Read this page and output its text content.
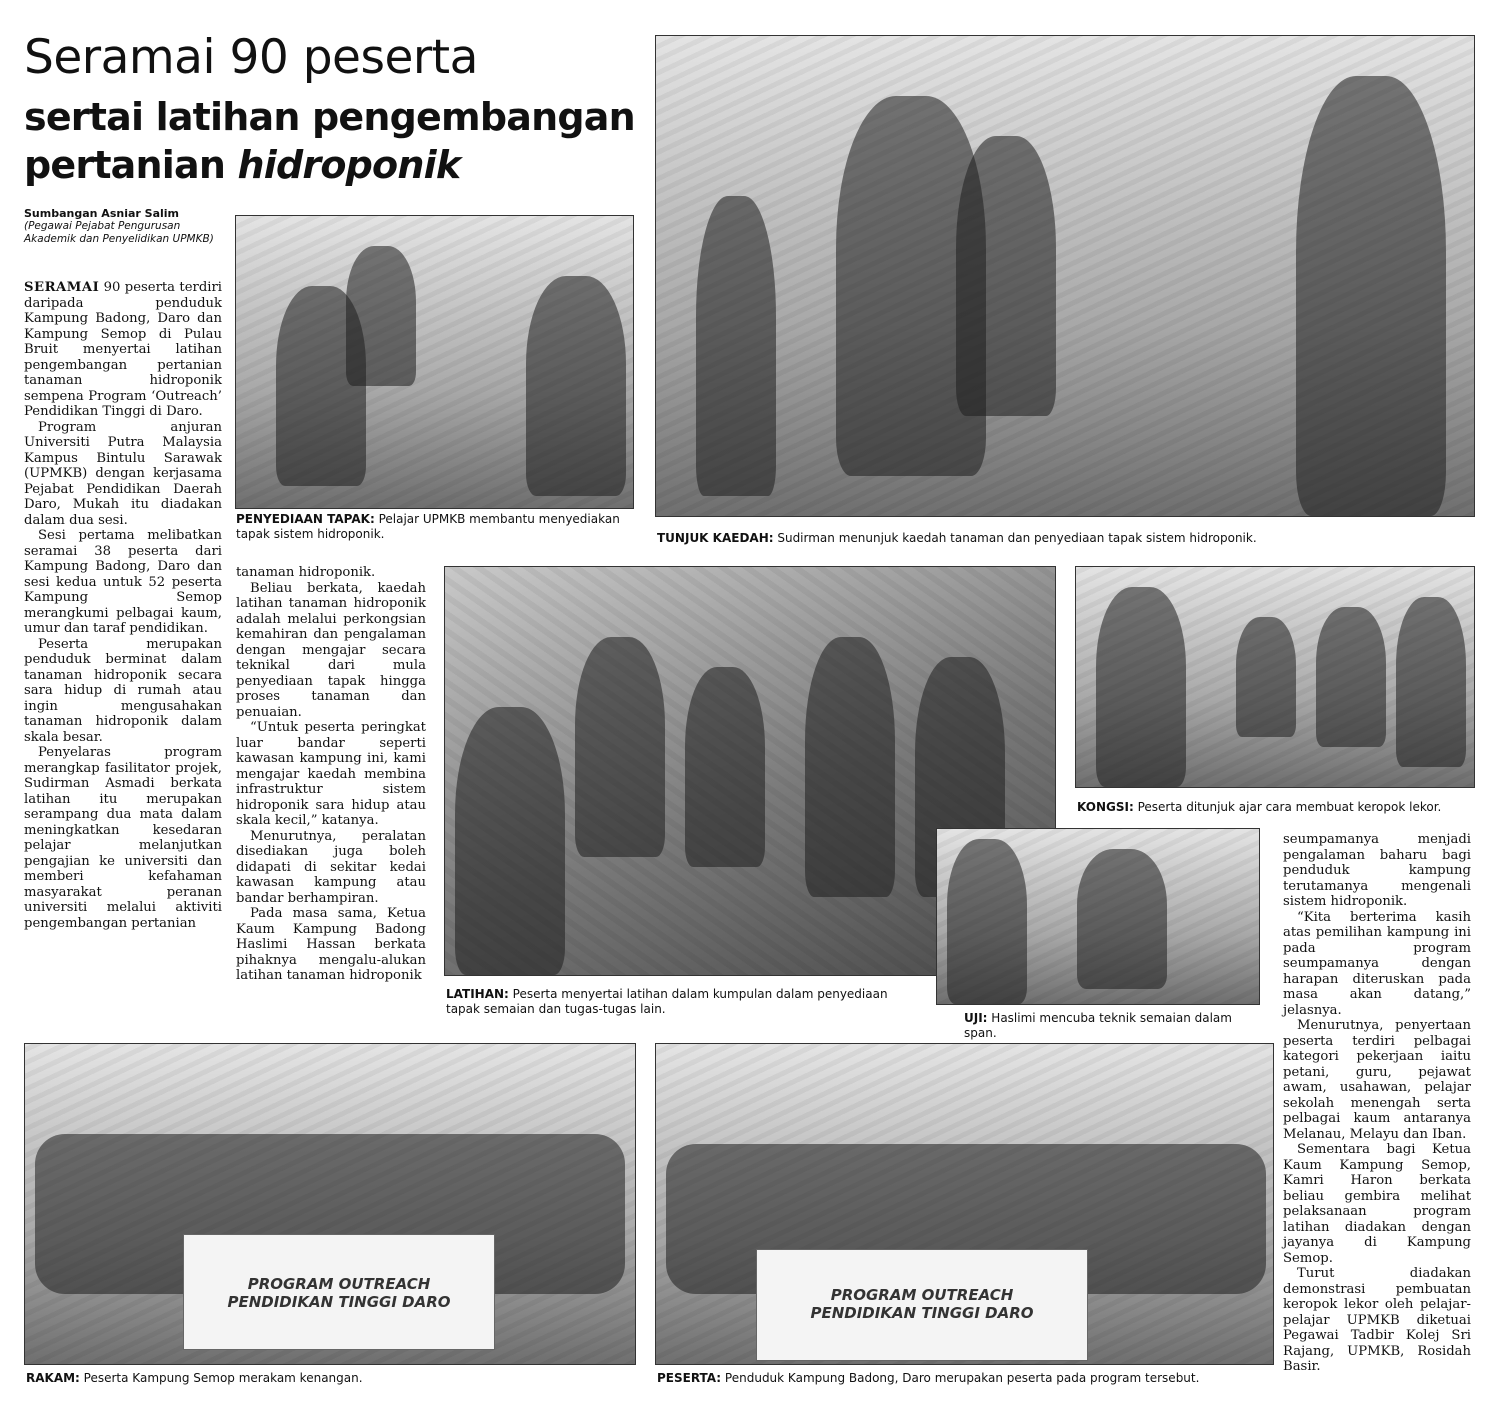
Seramai 90 peserta
sertai latihan pengembangan
pertanian hidroponik
Sumbangan Asniar Salim
(Pegawai Pejabat Pengurusan Akademik dan Penyelidikan UPMKB)

SERAMAI 90 peserta terdiri daripada penduduk Kampung Badong, Daro dan Kampung Semop di Pulau Bruit menyertai latihan pengembangan pertanian tanaman hidroponik sempena Program ‘Outreach’ Pendidikan Tinggi di Daro.

Program anjuran Universiti Putra Malaysia Kampus Bintulu Sarawak (UPMKB) dengan kerjasama Pejabat Pendidikan Daerah Daro, Mukah itu diadakan dalam dua sesi.

Sesi pertama melibatkan seramai 38 peserta dari Kampung Badong, Daro dan sesi kedua untuk 52 peserta Kampung Semop merangkumi pelbagai kaum, umur dan taraf pendidikan.

Peserta merupakan penduduk berminat dalam tanaman hidroponik secara sara hidup di rumah atau ingin mengusahakan tanaman hidroponik dalam skala besar.

Penyelaras program merangkap fasilitator projek, Sudirman Asmadi berkata latihan itu merupakan serampang dua mata dalam meningkatkan kesedaran pelajar melanjutkan pengajian ke universiti dan memberi kefahaman masyarakat peranan universiti melalui aktiviti pengembangan pertanian

tanaman hidroponik.

Beliau berkata, kaedah latihan tanaman hidroponik adalah melalui perkongsian kemahiran dan pengalaman dengan mengajar secara teknikal dari mula penyediaan tapak hingga proses tanaman dan penuaian.

“Untuk peserta peringkat luar bandar seperti kawasan kampung ini, kami mengajar kaedah membina infrastruktur sistem hidroponik sara hidup atau skala kecil,” katanya.

Menurutnya, peralatan disediakan juga boleh didapati di sekitar kedai kawasan kampung atau bandar berhampiran.

Pada masa sama, Ketua Kaum Kampung Badong Haslimi Hassan berkata pihaknya mengalu-alukan latihan tanaman hidroponik

seumpamanya menjadi pengalaman baharu bagi penduduk kampung terutamanya mengenali sistem hidroponik.

“Kita berterima kasih atas pemilihan kampung ini pada program seumpamanya dengan harapan diteruskan pada masa akan datang,” jelasnya.

Menurutnya, penyertaan peserta terdiri pelbagai kategori pekerjaan iaitu petani, guru, pejawat awam, usahawan, pelajar sekolah menengah serta pelbagai kaum antaranya Melanau, Melayu dan Iban.

Sementara bagi Ketua Kaum Kampung Semop, Kamri Haron berkata beliau gembira melihat pelaksanaan program latihan diadakan dengan jayanya di Kampung Semop.

Turut diadakan demonstrasi pembuatan keropok lekor oleh pelajar-pelajar UPMKB diketuai Pegawai Tadbir Kolej Sri Rajang, UPMKB, Rosidah Basir.

PENYEDIAAN TAPAK: Pelajar UPMKB membantu menyediakan tapak sistem hidroponik.	TUNJUK KAEDAH: Sudirman menunjuk kaedah tanaman dan penyediaan tapak sistem hidroponik.
LATIHAN: Peserta menyertai latihan dalam kumpulan dalam penyediaan tapak semaian dan tugas-tugas lain.
KONGSI: Peserta ditunjuk ajar cara membuat keropok lekor.
UJI: Haslimi mencuba teknik semaian dalam span.
PROGRAM OUTREACH
PENDIDIKAN TINGGI DARO
RAKAM: Peserta Kampung Semop merakam kenangan.
PROGRAM OUTREACH
PENDIDIKAN TINGGI DARO
PESERTA: Penduduk Kampung Badong, Daro merupakan peserta pada program tersebut.
